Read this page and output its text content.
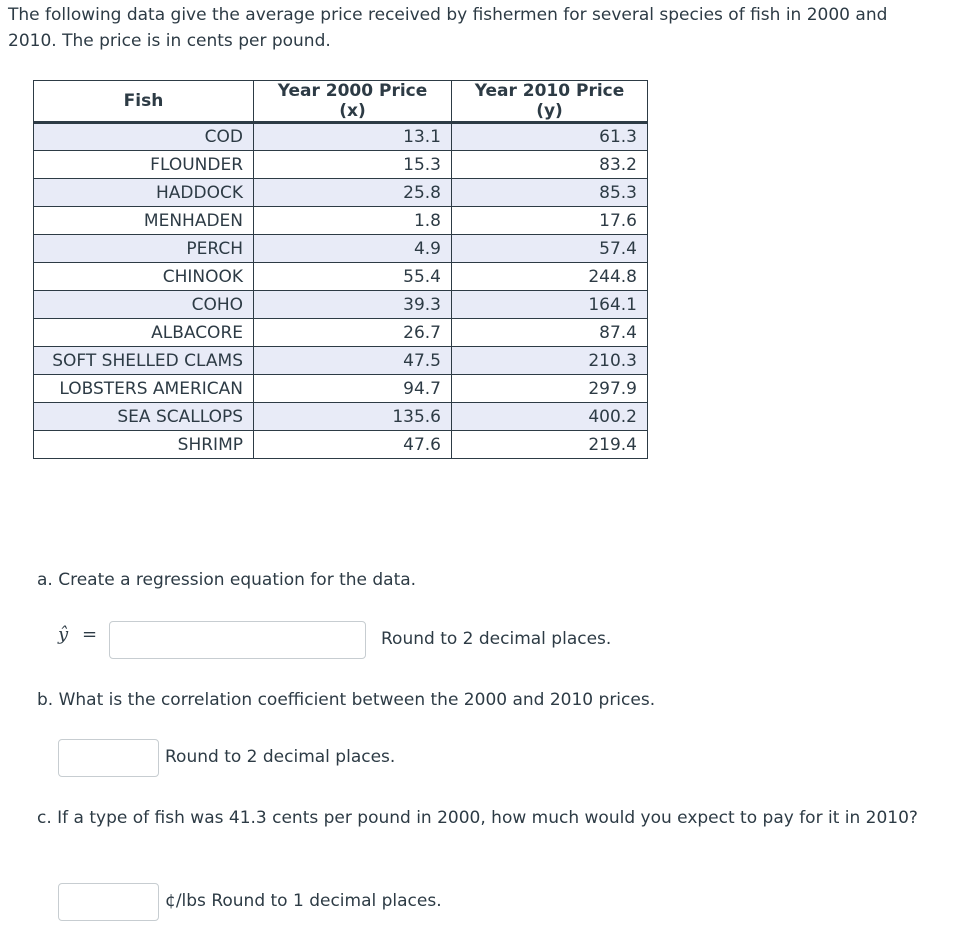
The following data give the average price received by fishermen for several species of fish in 2000 and 2010. The price is in cents per pound.

Fish	Year 2000 Price (x)	Year 2010 Price (y)
COD	13.1	61.3
FLOUNDER	15.3	83.2
HADDOCK	25.8	85.3
MENHADEN	1.8	17.6
PERCH	4.9	57.4
CHINOOK	55.4	244.8
COHO	39.3	164.1
ALBACORE	26.7	87.4
SOFT SHELLED CLAMS	47.5	210.3
LOBSTERS AMERICAN	94.7	297.9
SEA SCALLOPS	135.6	400.2
SHRIMP	47.6	219.4

a. Create a regression equation for the data.

ŷ =	Round to 2 decimal places.

b. What is the correlation coefficient between the 2000 and 2010 prices.

Round to 2 decimal places.

c. If a type of fish was 41.3 cents per pound in 2000, how much would you expect to pay for it in 2010?

¢/lbs Round to 1 decimal places.
